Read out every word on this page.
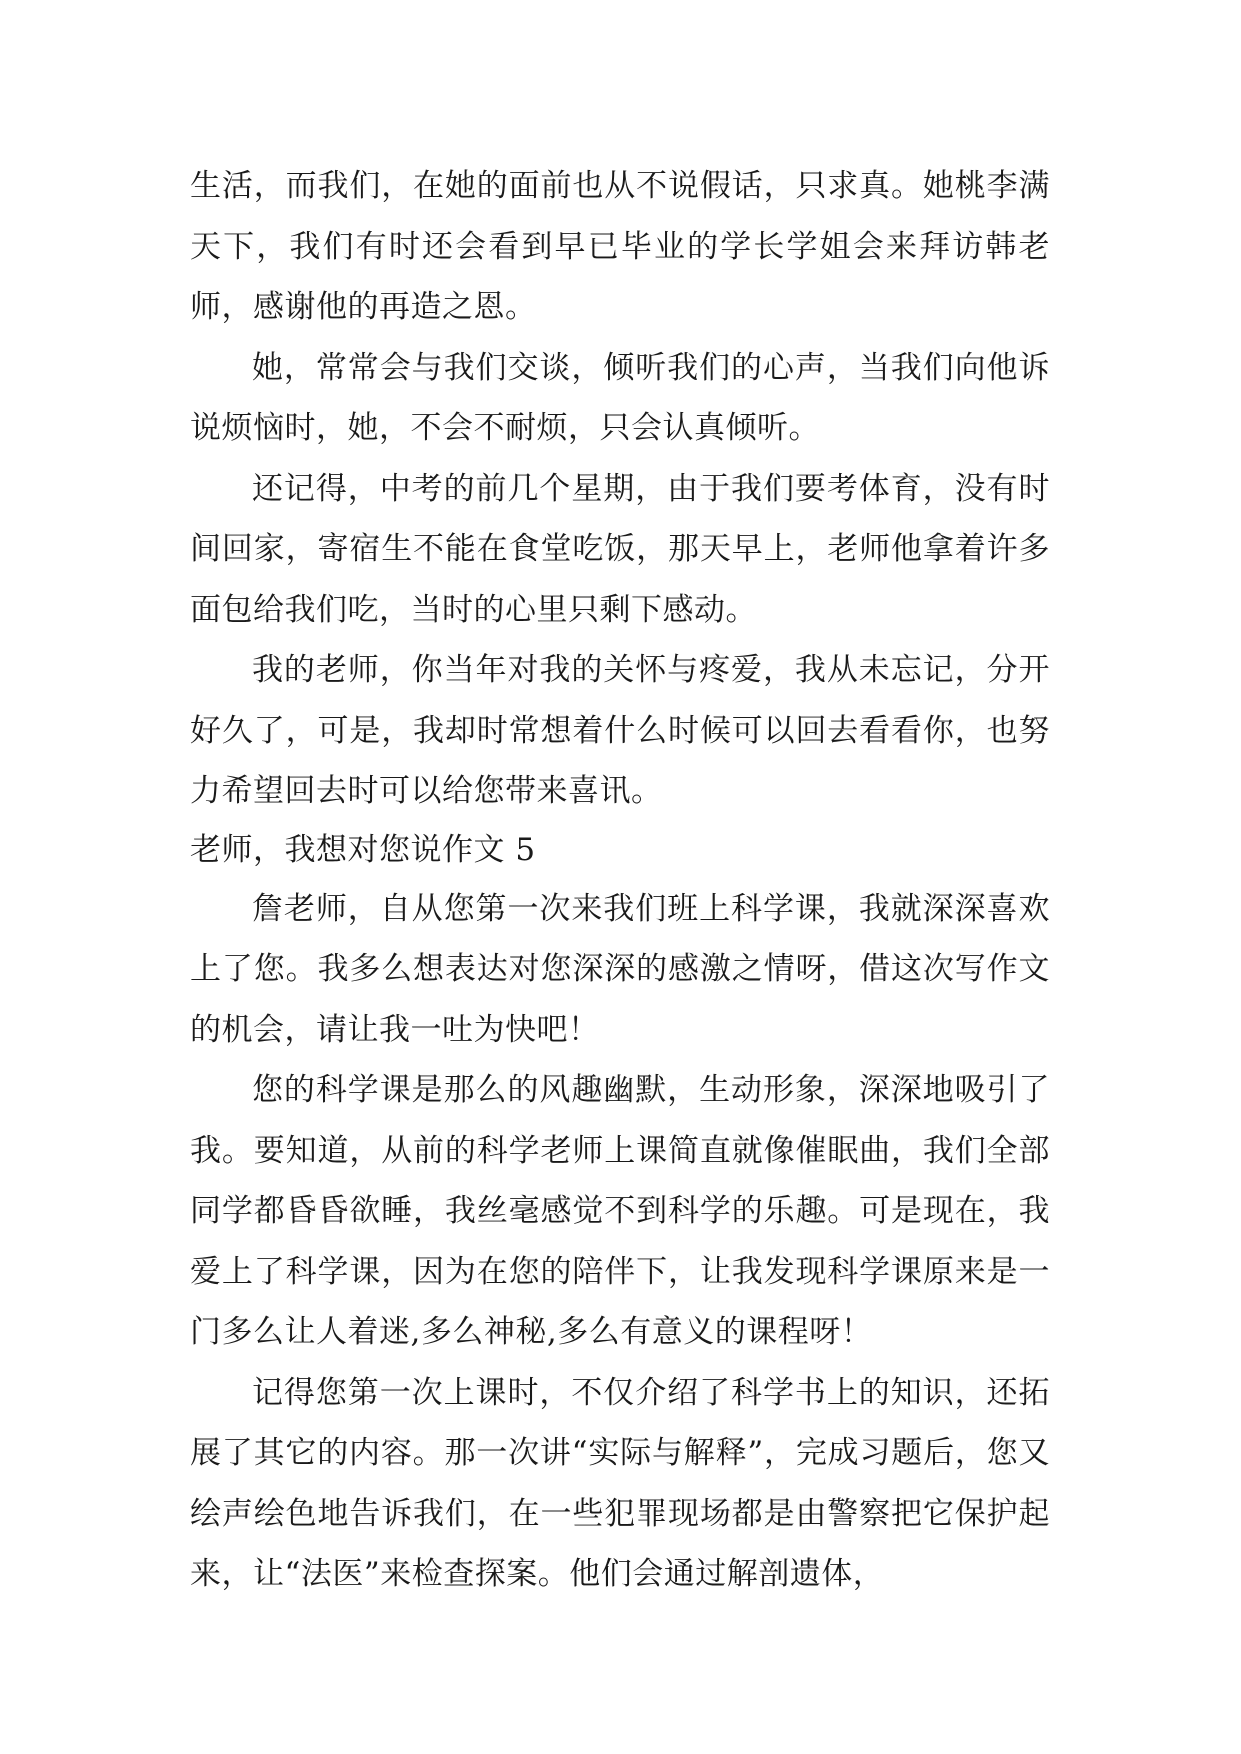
生活，而我们，在她的面前也从不说假话，只求真。她桃李满天下，我们有时还会看到早已毕业的学长学姐会来拜访韩老师，感谢他的再造之恩。

她，常常会与我们交谈，倾听我们的心声，当我们向他诉说烦恼时，她，不会不耐烦，只会认真倾听。

还记得，中考的前几个星期，由于我们要考体育，没有时间回家，寄宿生不能在食堂吃饭，那天早上，老师他拿着许多面包给我们吃，当时的心里只剩下感动。

我的老师，你当年对我的关怀与疼爱，我从未忘记，分开好久了，可是，我却时常想着什么时候可以回去看看你，也努力希望回去时可以给您带来喜讯。

老师，我想对您说作文 5

詹老师，自从您第一次来我们班上科学课，我就深深喜欢上了您。我多么想表达对您深深的感激之情呀，借这次写作文的机会，请让我一吐为快吧！

您的科学课是那么的风趣幽默，生动形象，深深地吸引了我。要知道，从前的科学老师上课简直就像催眠曲，我们全部同学都昏昏欲睡，我丝毫感觉不到科学的乐趣。可是现在，我爱上了科学课，因为在您的陪伴下，让我发现科学课原来是一门多么让人着迷,多么神秘,多么有意义的课程呀！

记得您第一次上课时，不仅介绍了科学书上的知识，还拓展了其它的内容。那一次讲“实际与解释”，完成习题后，您又绘声绘色地告诉我们，在一些犯罪现场都是由警察把它保护起来，让“法医”来检查探案。他们会通过解剖遗体，
